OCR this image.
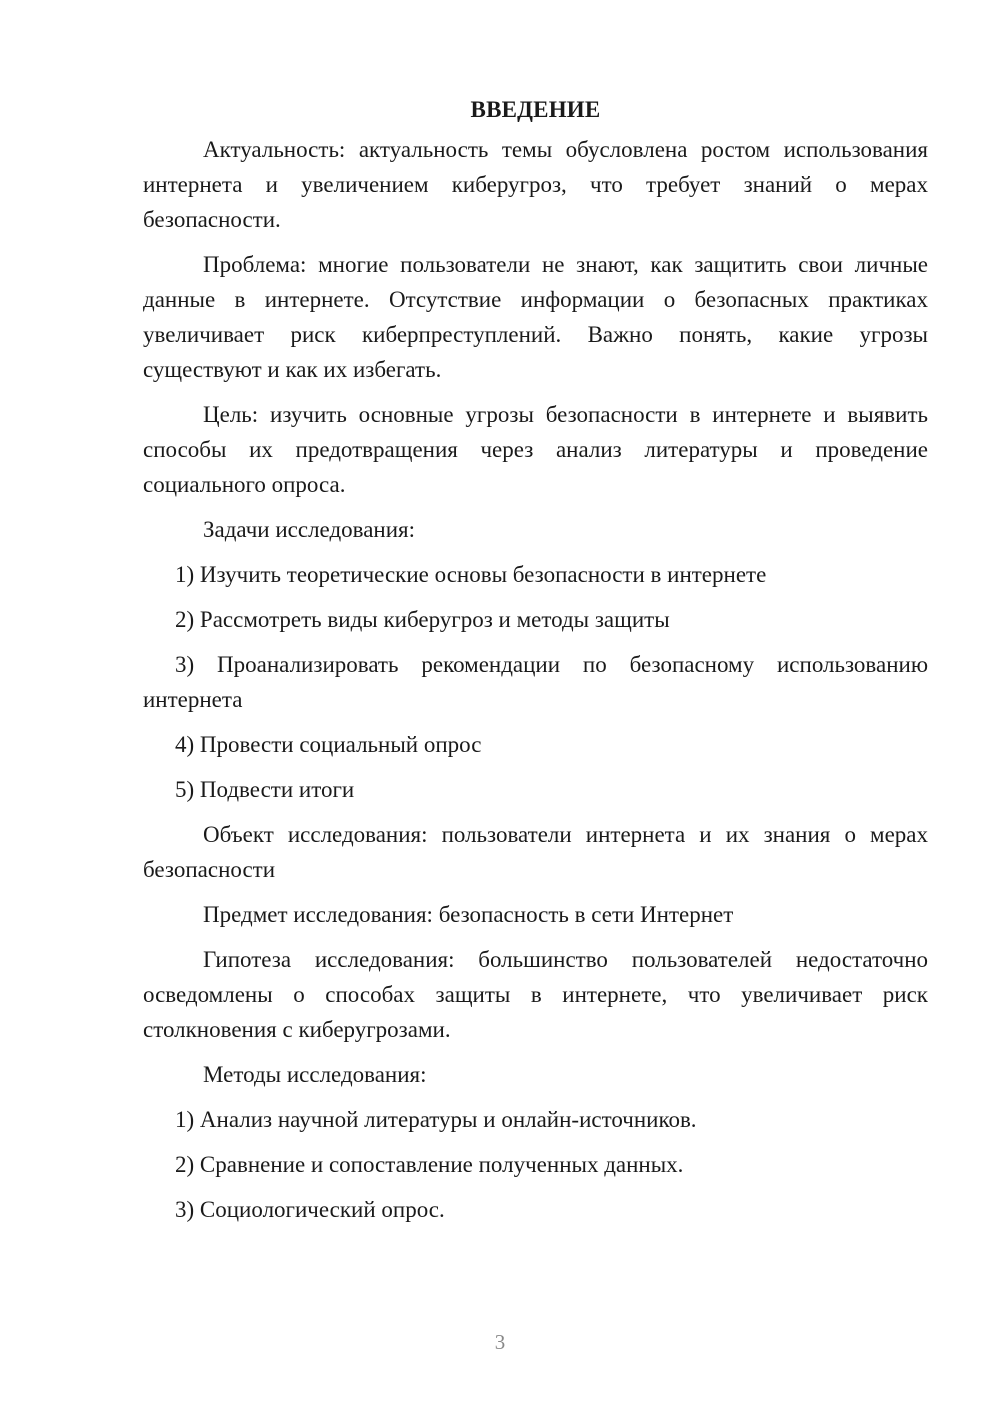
ВВЕДЕНИЕ

Актуальность: актуальность темы обусловлена ростом использования интернета и увеличением киберугроз, что требует знаний о мерах безопасности.

Проблема: многие пользователи не знают, как защитить свои личные данные в интернете. Отсутствие информации о безопасных практиках увеличивает риск киберпреступлений. Важно понять, какие угрозы существуют и как их избегать.

Цель: изучить основные угрозы безопасности в интернете и выявить способы их предотвращения через анализ литературы и проведение социального опроса.

Задачи исследования:

1) Изучить теоретические основы безопасности в интернете

2) Рассмотреть виды киберугроз и методы защиты

3) Проанализировать рекомендации по безопасному использованию интернета

4) Провести социальный опрос

5) Подвести итоги

Объект исследования: пользователи интернета и их знания о мерах безопасности

Предмет исследования: безопасность в сети Интернет

Гипотеза исследования: большинство пользователей недостаточно осведомлены о способах защиты в интернете, что увеличивает риск столкновения с киберугрозами.

Методы исследования:

1) Анализ научной литературы и онлайн-источников.

2) Сравнение и сопоставление полученных данных.

3) Социологический опрос.

3
